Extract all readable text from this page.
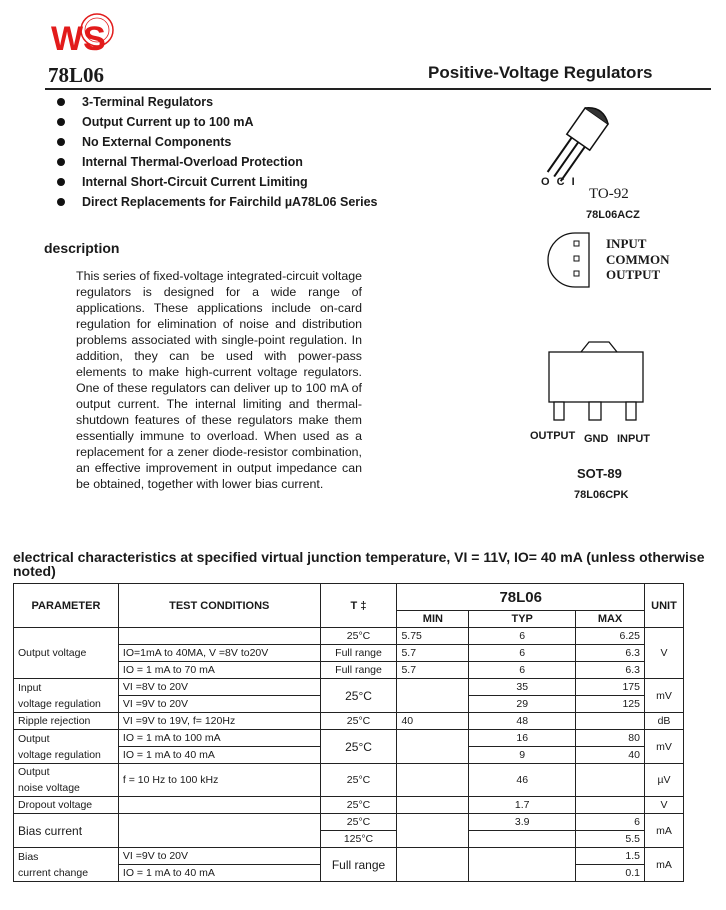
WS
78L06	Positive-Voltage Regulators
3-Terminal Regulators
Output Current up to 100 mA
No External Components
Internal Thermal-Overload Protection
Internal Short-Circuit Current Limiting
Direct Replacements for Fairchild µA78L06 Series
description

This series of fixed-voltage integrated-circuit voltage regulators is designed for a wide range of applications. These applications include on-card regulation for elimination of noise and distribution problems associated with single-point regulation. In addition, they can be used with power-pass elements to make high-current voltage regulators. One of these regulators can deliver up to 100 mA of output current. The internal limiting and thermal-shutdown features of these regulators make them essentially immune to overload. When used as a replacement for a zener diode-resistor combination, an effective improvement in output impedance can be obtained, together with lower bias current.

O C I
TO-92
78L06ACZ
INPUT
COMMON
OUTPUT
OUTPUT GND INPUT
SOT-89
78L06CPK
electrical characteristics at specified virtual junction temperature, VI = 11V, IO= 40 mA (unless otherwise noted)
PARAMETER	TEST CONDITIONS	T ‡	78L06			UNIT
			MIN	TYP	MAX	
Output voltage		25°C	5.75	6	6.25	V
	IO=1mA to 40MA, V =8V to20V	Full range	5.7	6	6.3	
	IO = 1 mA to 70 mA	Full range	5.7	6	6.3	

Input
voltage regulation	VI =8V to 20V	25°C		35	175	mV
	VI =9V to 20V			29	125	
Ripple rejection	VI =9V to 19V, f= 120Hz	25°C	40	48		dB

Output
voltage regulation	IO = 1 mA to 100 mA	25°C		16	80	mV
	IO = 1 mA to 40 mA			9	40	

Output
noise voltage	f = 10 Hz to 100 kHz	25°C		46		µV
Dropout voltage		25°C		1.7		V
Bias current		25°C		3.9	6	mA
		125°C			5.5	

Bias
current change	VI =9V to 20V	Full range			1.5	mA
	IO = 1 mA to 40 mA				0.1	
